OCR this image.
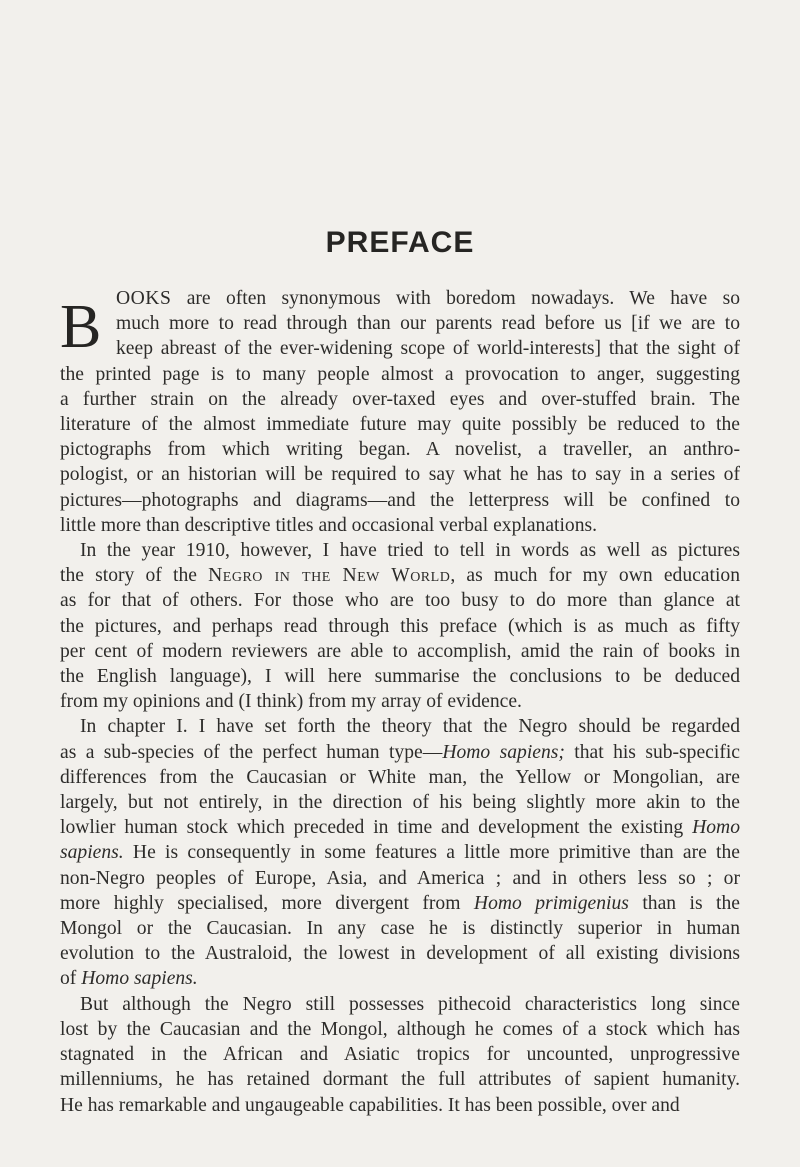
PREFACE
B OOKS are often synonymous with boredom nowadays. We have so
much more to read through than our parents read before us [if we are to
keep abreast of the ever-widening scope of world-interests] that the sight of
the printed page is to many people almost a provocation to anger, suggesting
a further strain on the already over-taxed eyes and over-stuffed brain. The
literature of the almost immediate future may quite possibly be reduced to the
pictographs from which writing began. A novelist, a traveller, an anthro-
pologist, or an historian will be required to say what he has to say in a series of
pictures—photographs and diagrams—and the letterpress will be confined to
little more than descriptive titles and occasional verbal explanations.
In the year 1910, however, I have tried to tell in words as well as pictures
the story of the Negro in the New World, as much for my own education
as for that of others. For those who are too busy to do more than glance at
the pictures, and perhaps read through this preface (which is as much as fifty
per cent of modern reviewers are able to accomplish, amid the rain of books in
the English language), I will here summarise the conclusions to be deduced
from my opinions and (I think) from my array of evidence.
In chapter I. I have set forth the theory that the Negro should be regarded
as a sub-species of the perfect human type—Homo sapiens; that his sub-specific
differences from the Caucasian or White man, the Yellow or Mongolian, are
largely, but not entirely, in the direction of his being slightly more akin to the
lowlier human stock which preceded in time and development the existing Homo
sapiens. He is consequently in some features a little more primitive than are the
non-Negro peoples of Europe, Asia, and America ; and in others less so ; or
more highly specialised, more divergent from Homo primigenius than is the
Mongol or the Caucasian. In any case he is distinctly superior in human
evolution to the Australoid, the lowest in development of all existing divisions
of Homo sapiens.
But although the Negro still possesses pithecoid characteristics long since
lost by the Caucasian and the Mongol, although he comes of a stock which has
stagnated in the African and Asiatic tropics for uncounted, unprogressive
millenniums, he has retained dormant the full attributes of sapient humanity.
He has remarkable and ungaugeable capabilities. It has been possible, over and
